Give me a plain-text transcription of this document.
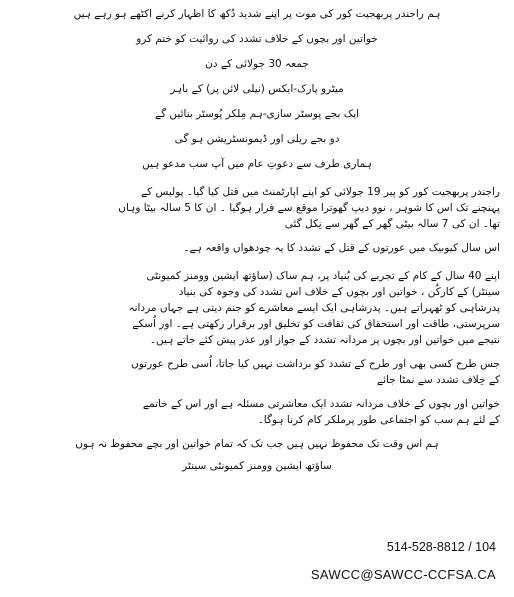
ہم راجندر پربھجیت کور کی موت پر اپنے شدید دُکھ کا اظہار کرنے اکٹھے ہو رہے ہیں
خواتین اور بچوں کے خلاف تشدد کی روائیت کو ختم کرو
جمعہ 30 جولائی کے دن
میٹرو پارک-ایکس (نیلی لائن پر) کے باہر
ایک بجے پوسٹر سازی-ہم مِلکر پُوسٹر بنائیں گے
دو بجے ریلی اور ڈیمونسٹریشن ہو گی
ہماری طرف سے دعوتِ عام میں آپ سب مدعو ہیں
راجندر پربھجیت کور کو پیر 19 جولائی کو اپنے اپارٹمنٹ میں قتل کیا گیا۔ پولیس کے
پہنچنے تک اس کا شوہر ، نوو دیپ گھوترا موقع سے فرار ہوگیا ۔ ان کا 5 سالہ بیٹا وہاں
تھا۔ ان کی 7 سالہ بیٹی گھر کے گھر سے نِکل گئی
اس سال کیوبیک میں عورتوں کے قتل کے تشدد کا یہ چودھواں واقعہ ہے۔
اپنے 40 سال کے کام کے تجربے کی بُنیاد پر، ہم ساک (ساؤتھ ایشین وومنز کمیونٹی
سینٹر) کے کارکُن ، خواتین اور بچوں کے خلاف اس تشدد کی وجوہ کی بنیاد
پدرشاہی کو ٹھہراتے ہیں۔ پدرشاہی ایک ایسے معاشرے کو جنم دیتی ہے جہاں مردانہ
سرپرستی، طاقت اور استحقاق کی ثقافت کو تخلیق اور برقرار رکھتی ہے۔ اور اُسکے
نتیجے میں خواتین اور بچوں پر مردانہ تشدد کے جواز اور عذر پیش کئے جاتے ہیں۔
جس طرح کسی بھی اور طرح کے تشدد کو برداشت نہیں کیا جاتا، اُسی طرح عورتوں
کے خِلاف تشدد سے نمٹا جائے
خواتین اور بچوں کے خلاف مردانہ تشدد ایک معاشرتی مسئلہ ہے اور اس کے خاتمے
کے لئے ہم سب کو اجتماعی طور پرملکر کام کرنا ہوگا۔
ہم اس وقت تک محفوظ نہیں ہیں جب تک کہ تمام خواتین اور بچے محفوظ نہ ہوں
ساؤتھ ایشین وومنز کمیونٹی سینٹر
514-528-8812 / 104
SAWCC@SAWCC-CCFSA.CA
